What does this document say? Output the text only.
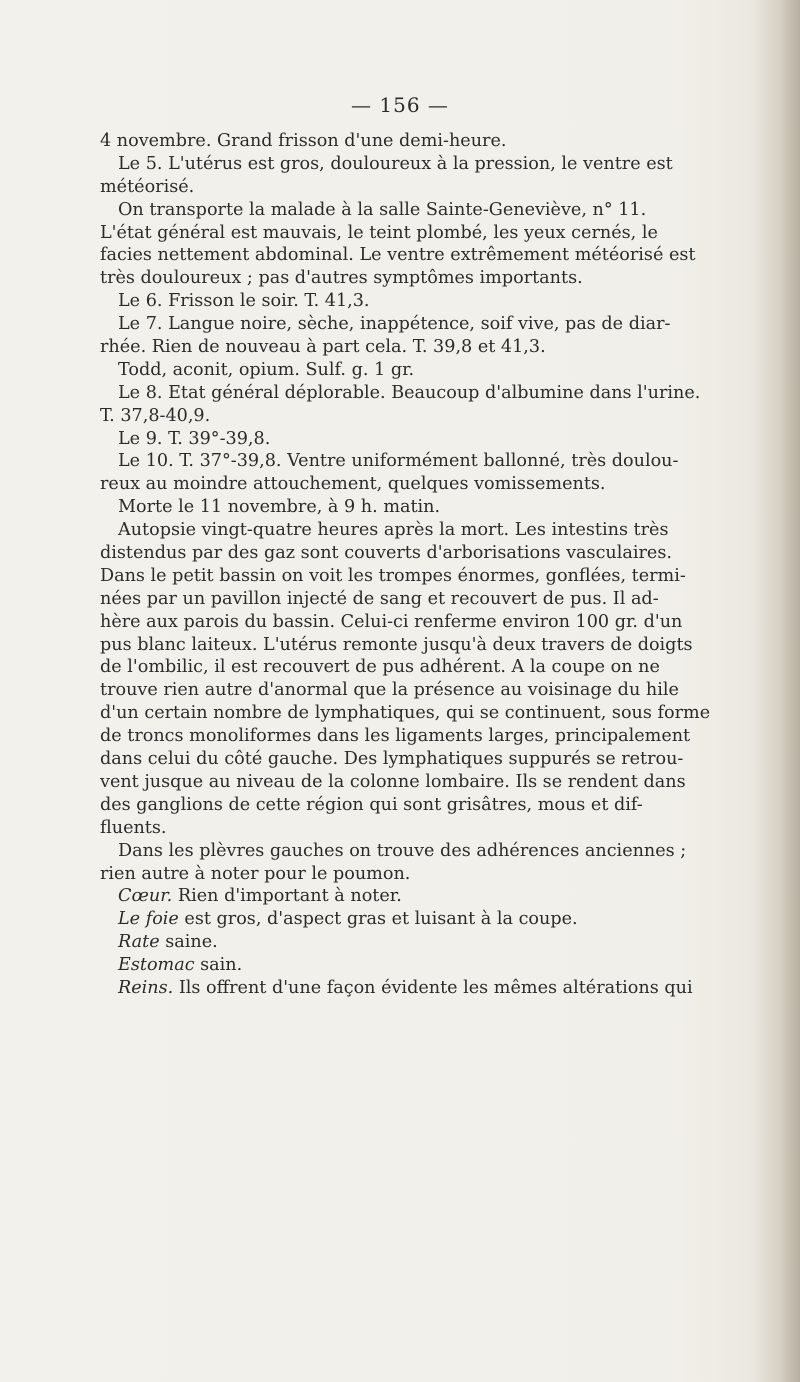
— 156 —
4 novembre. Grand frisson d'une demi-heure.
Le 5. L'utérus est gros, douloureux à la pression, le ventre est
météorisé.
On transporte la malade à la salle Sainte-Geneviève, n° 11.
L'état général est mauvais, le teint plombé, les yeux cernés, le
facies nettement abdominal. Le ventre extrêmement météorisé est
très douloureux ; pas d'autres symptômes importants.
Le 6. Frisson le soir. T. 41,3.
Le 7. Langue noire, sèche, inappétence, soif vive, pas de diar-
rhée. Rien de nouveau à part cela. T. 39,8 et 41,3.
Todd, aconit, opium. Sulf. g. 1 gr.
Le 8. Etat général déplorable. Beaucoup d'albumine dans l'urine.
T. 37,8-40,9.
Le 9. T. 39°-39,8.
Le 10. T. 37°-39,8. Ventre uniformément ballonné, très doulou-
reux au moindre attouchement, quelques vomissements.
Morte le 11 novembre, à 9 h. matin.
Autopsie vingt-quatre heures après la mort. Les intestins très
distendus par des gaz sont couverts d'arborisations vasculaires.
Dans le petit bassin on voit les trompes énormes, gonflées, termi-
nées par un pavillon injecté de sang et recouvert de pus. Il ad-
hère aux parois du bassin. Celui-ci renferme environ 100 gr. d'un
pus blanc laiteux. L'utérus remonte jusqu'à deux travers de doigts
de l'ombilic, il est recouvert de pus adhérent. A la coupe on ne
trouve rien autre d'anormal que la présence au voisinage du hile
d'un certain nombre de lymphatiques, qui se continuent, sous forme
de troncs monoliformes dans les ligaments larges, principalement
dans celui du côté gauche. Des lymphatiques suppurés se retrou-
vent jusque au niveau de la colonne lombaire. Ils se rendent dans
des ganglions de cette région qui sont grisâtres, mous et dif-
fluents.
Dans les plèvres gauches on trouve des adhérences anciennes ;
rien autre à noter pour le poumon.
Cœur. Rien d'important à noter.
Le foie est gros, d'aspect gras et luisant à la coupe.
Rate saine.
Estomac sain.
Reins. Ils offrent d'une façon évidente les mêmes altérations qui
